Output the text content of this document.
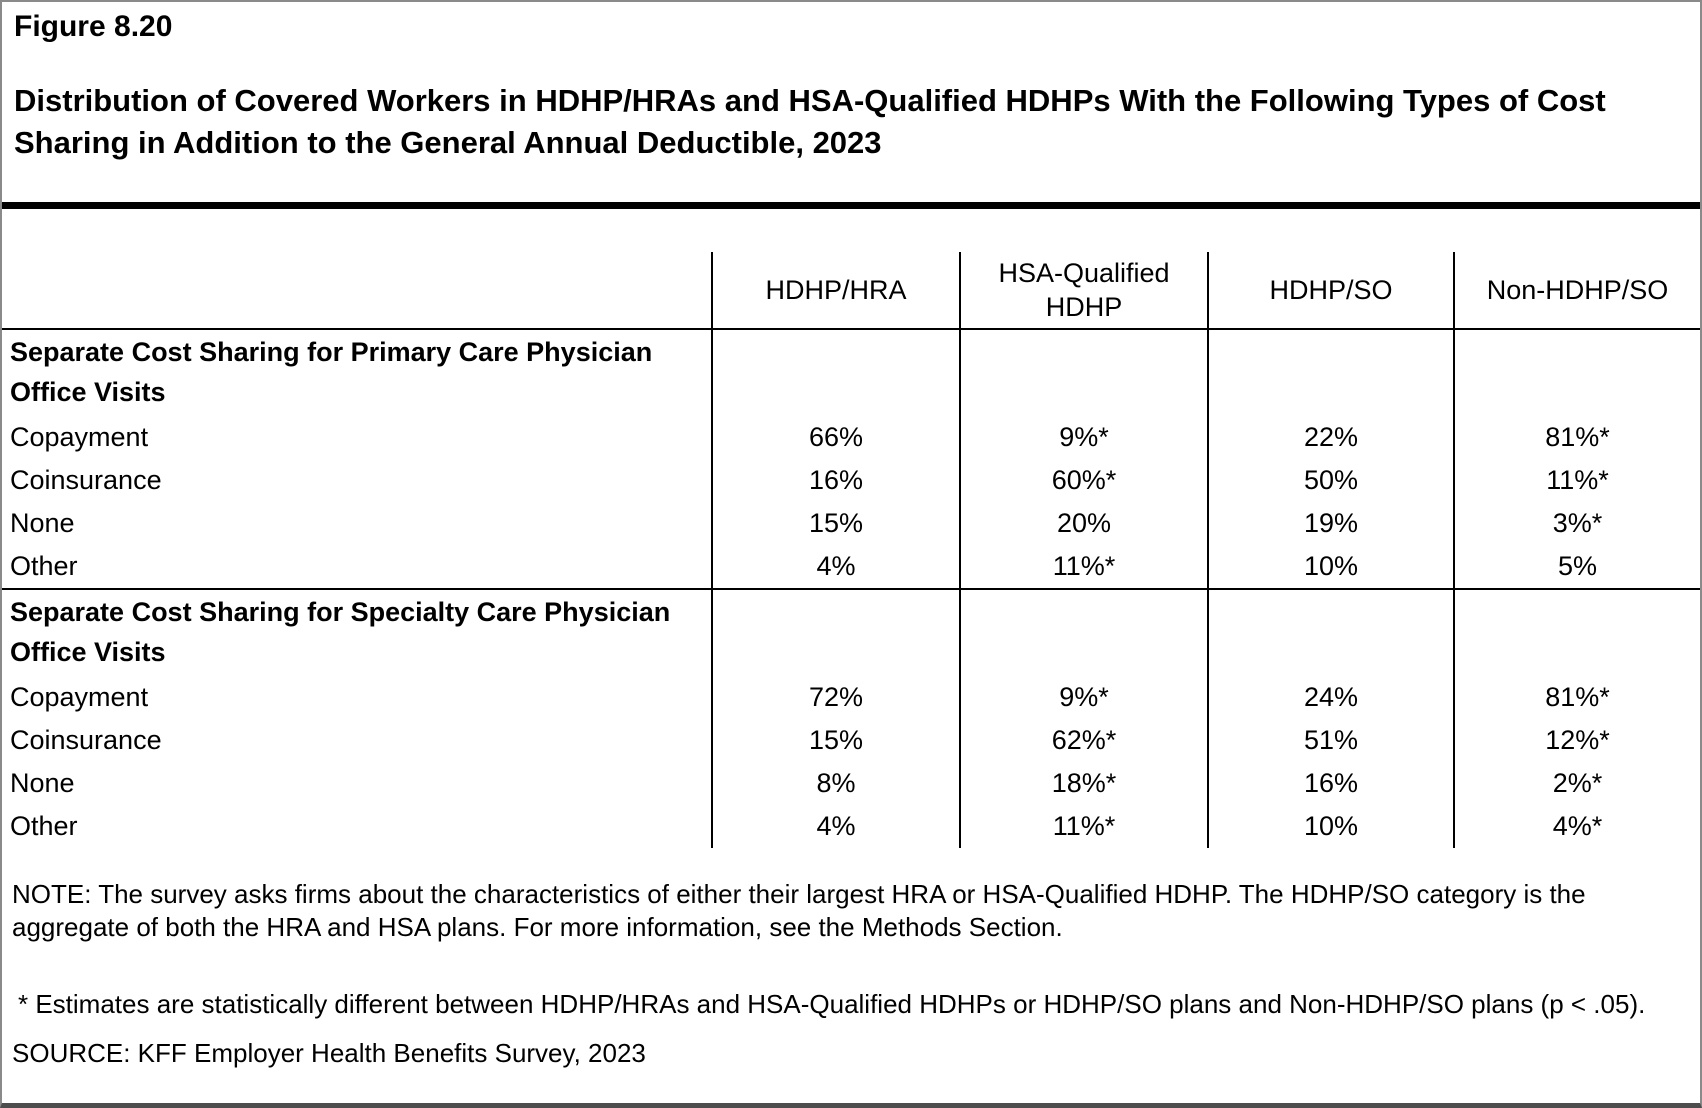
Figure 8.20
Distribution of Covered Workers in HDHP/HRAs and HSA-Qualified HDHPs With the Following Types of Cost Sharing in Addition to the General Annual Deductible, 2023
	HDHP/HRA	HSA-Qualified HDHP	HDHP/SO	Non-HDHP/SO
Separate Cost Sharing for Primary Care Physician Office Visits				
Copayment	66%	9%*	22%	81%*
Coinsurance	16%	60%*	50%	11%*
None	15%	20%	19%	3%*
Other	4%	11%*	10%	5%
Separate Cost Sharing for Specialty Care Physician Office Visits				
Copayment	72%	9%*	24%	81%*
Coinsurance	15%	62%*	51%	12%*
None	8%	18%*	16%	2%*
Other	4%	11%*	10%	4%*
NOTE: The survey asks firms about the characteristics of either their largest HRA or HSA-Qualified HDHP. The HDHP/SO category is the aggregate of both the HRA and HSA plans. For more information, see the Methods Section.
* Estimates are statistically different between HDHP/HRAs and HSA-Qualified HDHPs or HDHP/SO plans and Non-HDHP/SO plans (p < .05).
SOURCE: KFF Employer Health Benefits Survey, 2023
